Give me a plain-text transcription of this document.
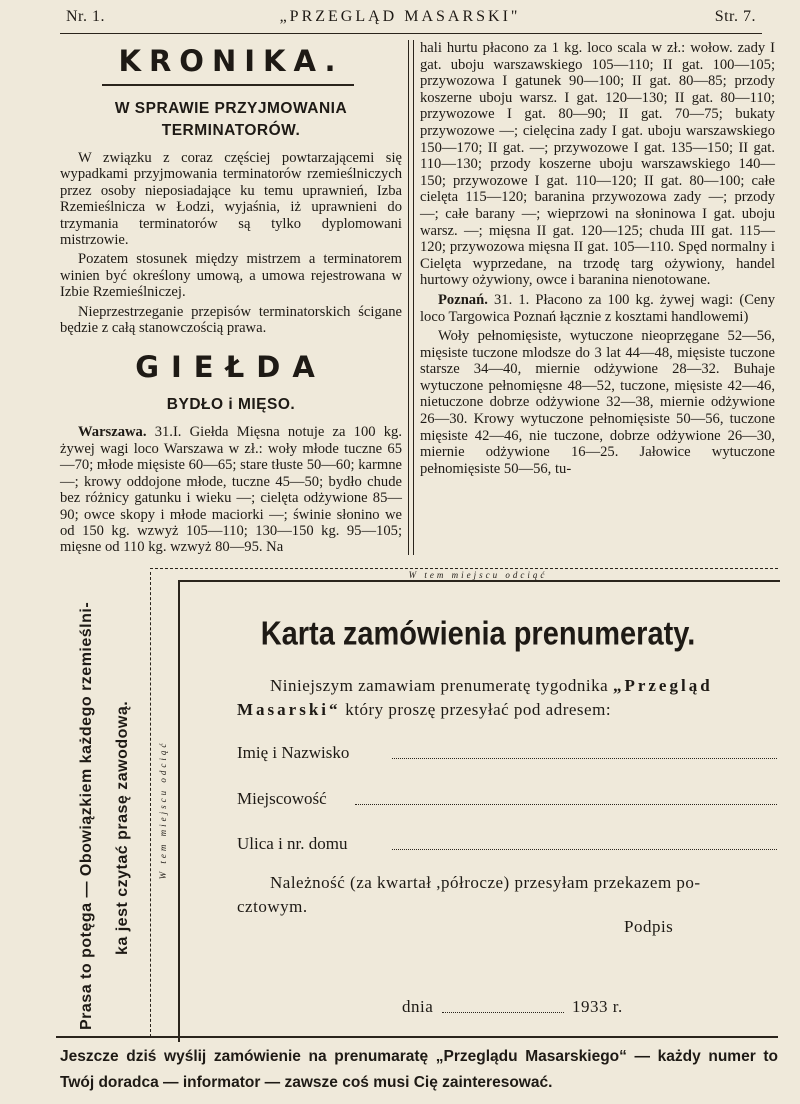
Nr. 1.	„PRZEGLĄD MASARSKI"	Str. 7.
KRONIKA.
W SPRAWIE PRZYJMOWANIA TERMINATORÓW.

W związku z coraz częściej powtarzającemi się wypadkami przyjmowania terminatorów rzemieślniczych przez osoby nieposiadające ku temu uprawnień, Izba Rzemieślnicza w Łodzi, wyjaśnia, iż uprawnieni do trzymania terminatorów są tylko dyplomowani mistrzowie.

Pozatem stosunek między mistrzem a terminatorem winien być określony umową, a umowa rejestrowana w Izbie Rzemieślniczej.

Nieprzestrzeganie przepisów terminatorskich ścigane będzie z całą stanowczością prawa.

GIEŁDA
BYDŁO i MIĘSO.

Warszawa. 31.I. Giełda Mięsna notuje za 100 kg. żywej wagi loco Warszawa w zł.: woły młode tuczne 65—70; młode mięsiste 60—65; stare tłuste 50—60; karmne —; krowy oddojone młode, tuczne 45—50; bydło chude bez różnicy gatunku i wieku —; cielęta odżywione 85—90; owce skopy i młode maciorki —; świnie słonino we od 150 kg. wzwyż 105—110; 130—150 kg. 95—105; mięsne od 110 kg. wzwyż 80—95. Na

hali hurtu płacono za 1 kg. loco scala w zł.: wołow. zady I gat. uboju warszawskiego 105—110; II gat. 100—105; przywozowa I gatunek 90—100; II gat. 80—85; przody koszerne uboju warsz. I gat. 120—130; II gat. 80—110; przywozowe I gat. 80—90; II gat. 70—75; bukaty przywozowe —; cielęcina zady I gat. uboju warszawskiego 150—170; II gat. —; przywozowe I gat. 135—150; II gat. 110—130; przody koszerne uboju warszawskiego 140—150; przywozowe I gat. 110—120; II gat. 80—100; całe cielęta 115—120; baranina przywozowa zady —; przody —; całe barany —; wieprzowi na słoninowa I gat. uboju warsz. —; mięsna II gat. 120—125; chuda III gat. 115—120; przywozowa mięsna II gat. 105—110. Spęd normalny i Cielęta wyprzedane, na trzodę targ ożywiony, handel hurtowy ożywiony, owce i baranina nienotowane.

Poznań. 31. 1. Płacono za 100 kg. żywej wagi: (Ceny loco Targowica Poznań łącznie z kosztami handlowemi)

Woły pełnomięsiste, wytuczone nieoprzęgane 52—56, mięsiste tuczone mlodsze do 3 lat 44—48, mięsiste tuczone starsze 34—40, miernie odżywione 28—32. Buhaje wytuczone pełnomięsne 48—52, tuczone, mięsiste 42—46, nietuczone dobrze odżywione 32—38, miernie odżywione 26—30. Krowy wytuczone pełnomięsiste 50—56, tuczone mięsiste 42—46, nie tuczone, dobrze odżywione 26—30, miernie odżywione 16—25. Jałowice wytuczone pełnomięsiste 50—56, tu-

W tem miejscu odciąć
W tem miejscu odciąć
Prasa to potęga — Obowiązkiem każdego rzemieślni- ka jest czytać prasę zawodową.
Karta zamówienia prenumeraty.
Niniejszym zamawiam prenumeratę tygodnika „Przegląd
Masarski“ który proszę przesyłać pod adresem:
Imię i Nazwisko
Miejscowość
Ulica i nr. domu
Należność (za kwartał ,półrocze) przesyłam przekazem po-
cztowym.
Podpis
dnia	1933 r.
Jeszcze dziś wyślij zamówienie na prenumaratę „Przeglądu Masarskiego“ — każdy numer to Twój doradca — informator — zawsze coś musi Cię zainteresować.
